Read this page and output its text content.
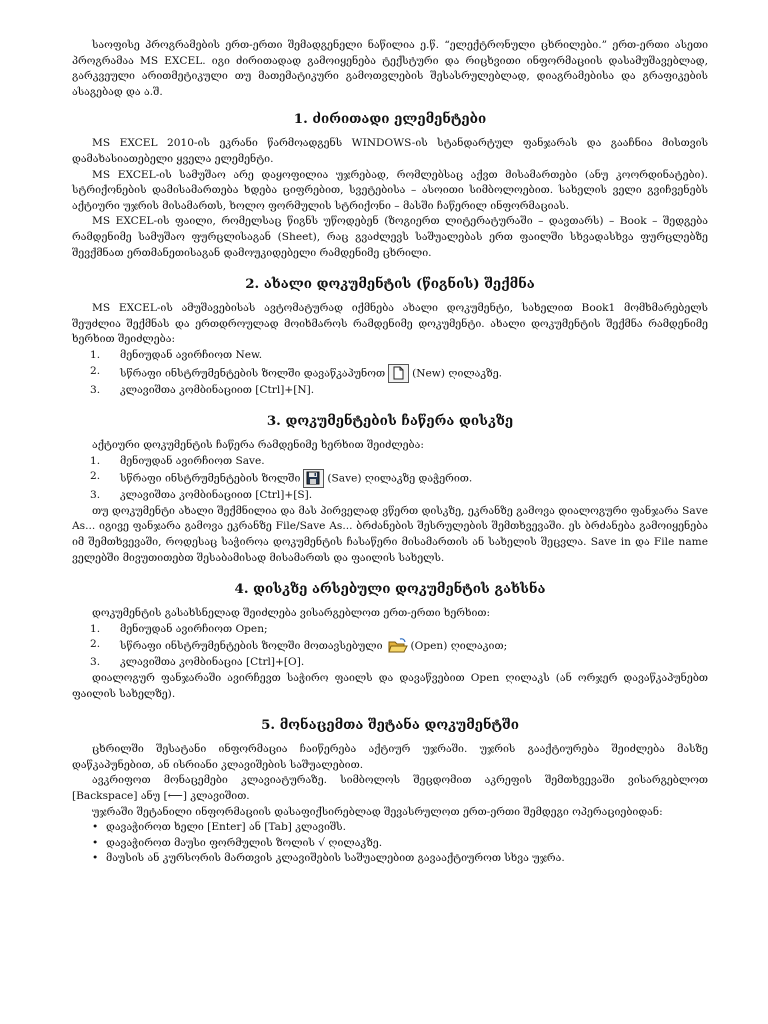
საოფისე პროგრამების ერთ-ერთი შემადგენელი ნაწილია ე.წ. “ელექტრონული ცხრილები.” ერთ-ერთი ასეთი პროგრამაა MS EXCEL. იგი ძირითადად გამოიყენება ტექსტური და რიცხვითი ინფორმაციის დასამუშავებლად, გარკვეული არითმეტიკული თუ მათემატიკური გამოთვლების შესასრულებლად, დიაგრამებისა და გრაფიკების ასაგებად და ა.შ.

1. ძირითადი ელემენტები

MS EXCEL 2010-ის ეკრანი წარმოადგენს WINDOWS-ის სტანდარტულ ფანჯარას და გააჩნია მისთვის დამახასიათებელი ყველა ელემენტი.

MS EXCEL-ის სამუშაო არე დაყოფილია უჯრებად, რომლებსაც აქვთ მისამართები (ანუ კოორდინატები). სტრიქონების დამისამართება ხდება ციფრებით, სვეტებისა – ასოითი სიმბოლოებით. სახელის ველი გვიჩვენებს აქტიური უჯრის მისამართს, ხოლო ფორმულის სტრიქონი – მასში ჩაწერილ ინფორმაციას.

MS EXCEL-ის ფაილი, რომელსაც წიგნს უწოდებენ (ზოგიერთ ლიტერატურაში – დავთარს) – Book – შედგება რამდენიმე სამუშაო ფურცლისაგან (Sheet), რაც გვაძლევს საშუალებას ერთ ფაილში სხვადასხვა ფურცლებზე შევქმნათ ერთმანეთისაგან დამოუკიდებელი რამდენიმე ცხრილი.

2. ახალი დოკუმენტის (წიგნის) შექმნა

MS EXCEL-ის ამუშავებისას ავტომატურად იქმნება ახალი დოკუმენტი, სახელით Book1 მომხმარებელს შეუძლია შექმნას და ერთდროულად მოიხმაროს რამდენიმე დოკუმენტი. ახალი დოკუმენტის შექმნა რამდენიმე ხერხით შეიძლება:

1. მენიუდან ავირჩიოთ New.
2. სწრაფი ინსტრუმენტების ზოლში დავაწკაპუნოთ	(New) ღილაკზე.
3. კლავიშთა კომბინაციით [Ctrl]+[N].
3. დოკუმენტების ჩაწერა დისკზე

აქტიური დოკუმენტის ჩაწერა რამდენიმე ხერხით შეიძლება:

1. მენიუდან ავირჩიოთ Save.
2. სწრაფი ინსტრუმენტების ზოლში	(Save) ღილაკზე დაჭერით.
3. კლავიშთა კომბინაციით [Ctrl]+[S].

თუ დოკუმენტი ახალი შექმნილია და მას პირველად ვწერთ დისკზე, ეკრანზე გამოვა დიალოგური ფანჯარა Save As... იგივე ფანჯარა გამოვა ეკრანზე File/Save As... ბრძანების შესრულების შემთხვევაში. ეს ბრძანება გამოიყენება იმ შემთხვევაში, როდესაც საჭიროა დოკუმენტის ჩასაწერი მისამართის ან სახელის შეცვლა. Save in და File name ველებში მივუთითებთ შესაბამისად მისამართს და ფაილის სახელს.

4. დისკზე არსებული დოკუმენტის გახსნა

დოკუმენტის გასახსნელად შეიძლება ვისარგებლოთ ერთ-ერთი ხერხით:

1. მენიუდან ავირჩიოთ Open;
2. სწრაფი ინსტრუმენტების ზოლში მოთავსებული	(Open) ღილაკით;
3. კლავიშთა კომბინაცია [Ctrl]+[O].

დიალოგურ ფანჯარაში ავირჩევთ საჭირო ფაილს და დავაწვებით Open ღილაკს (ან ორჯერ დავაწკაპუნებთ ფაილის სახელზე).

5. მონაცემთა შეტანა დოკუმენტში

ცხრილში შესატანი ინფორმაცია ჩაიწერება აქტიურ უჯრაში. უჯრის გააქტიურება შეიძლება მასზე დაწკაპუნებით, ან ისრიანი კლავიშების საშუალებით.

ავკრიფოთ მონაცემები კლავიატურაზე. სიმბოლოს შეცდომით აკრეფის შემთხვევაში ვისარგებლოთ [Backspace] ანუ [⟵] კლავიშით.

უჯრაში შეტანილი ინფორმაციის დასაფიქსირებლად შევასრულოთ ერთ-ერთი შემდეგი ოპერაციებიდან:

• დავაჭიროთ ხელი [Enter] ან [Tab] კლავიშს.
• დავაჭიროთ მაუსი ფორმულის ზოლის √ ღილაკზე.
• მაუსის ან კურსორის მართვის კლავიშების საშუალებით გავააქტიუროთ სხვა უჯრა.
